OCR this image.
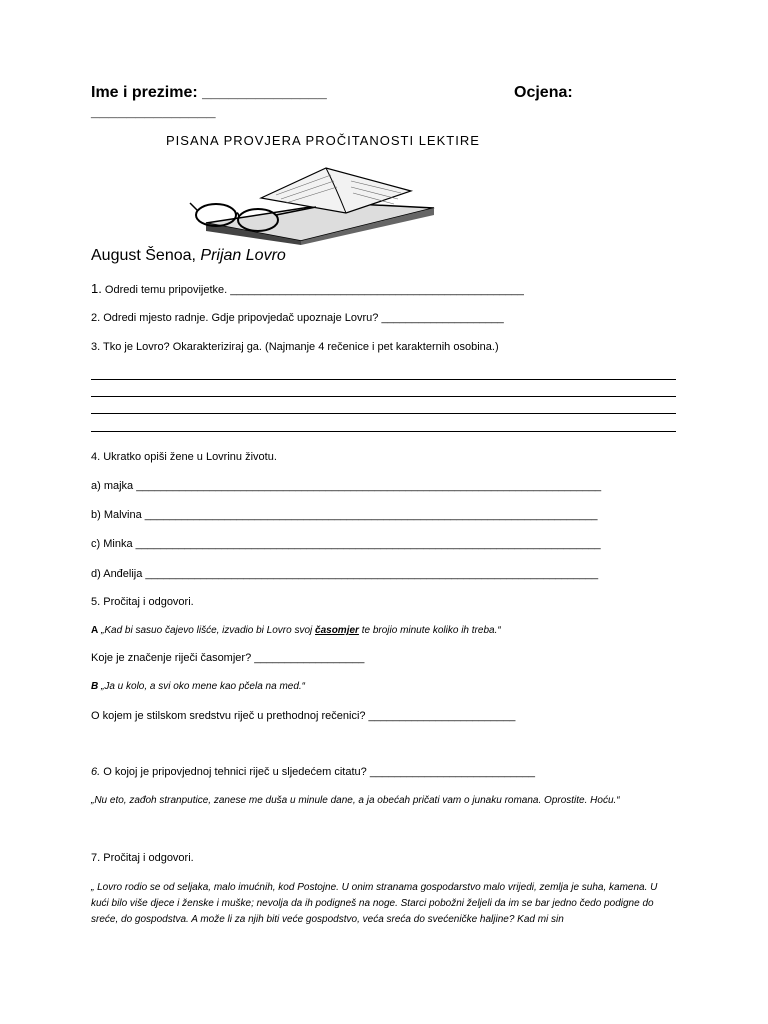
Ime i prezime: ______________	Ocjena:
______________
PISANA PROVJERA PROČITANOSTI LEKTIRE
August Šenoa, Prijan Lovro
1. Odredi temu pripovijetke. ________________________________________________
2. Odredi mjesto radnje. Gdje pripovjedač upoznaje Lovru? ____________________
3. Tko je Lovro? Okarakteriziraj ga. (Najmanje 4 rečenice i pet karakternih osobina.)
4. Ukratko opiši žene u Lovrinu životu.
a) majka ____________________________________________________________________________
b) Malvina __________________________________________________________________________
c) Minka ____________________________________________________________________________
d) Anđelija __________________________________________________________________________
5. Pročitaj i odgovori.
A „Kad bi sasuo čajevo lišće, izvadio bi Lovro svoj časomjer te brojio minute koliko ih treba.“
Koje je značenje riječi časomjer? __________________
B „Ja u kolo, a svi oko mene kao pčela na med.“
O kojem je stilskom sredstvu riječ u prethodnoj rečenici? ________________________
6. O kojoj je pripovjednoj tehnici riječ u sljedećem citatu? ___________________________
„Nu eto, zađoh stranputice, zanese me duša u minule dane, a ja obećah pričati vam o junaku romana. Oprostite. Hoću.“
7. Pročitaj i odgovori.
„ Lovro rodio se od seljaka, malo imućnih, kod Postojne. U onim stranama gospodarstvo malo vrijedi, zemlja je suha, kamena. U kući bilo više djece i ženske i muške; nevolja da ih podigneš na noge. Starci pobožni željeli da im se bar jedno čedo podigne do sreće, do gospodstva. A može li za njih biti veće gospodstvo, veća sreća do svećeničke haljine? Kad mi sin
